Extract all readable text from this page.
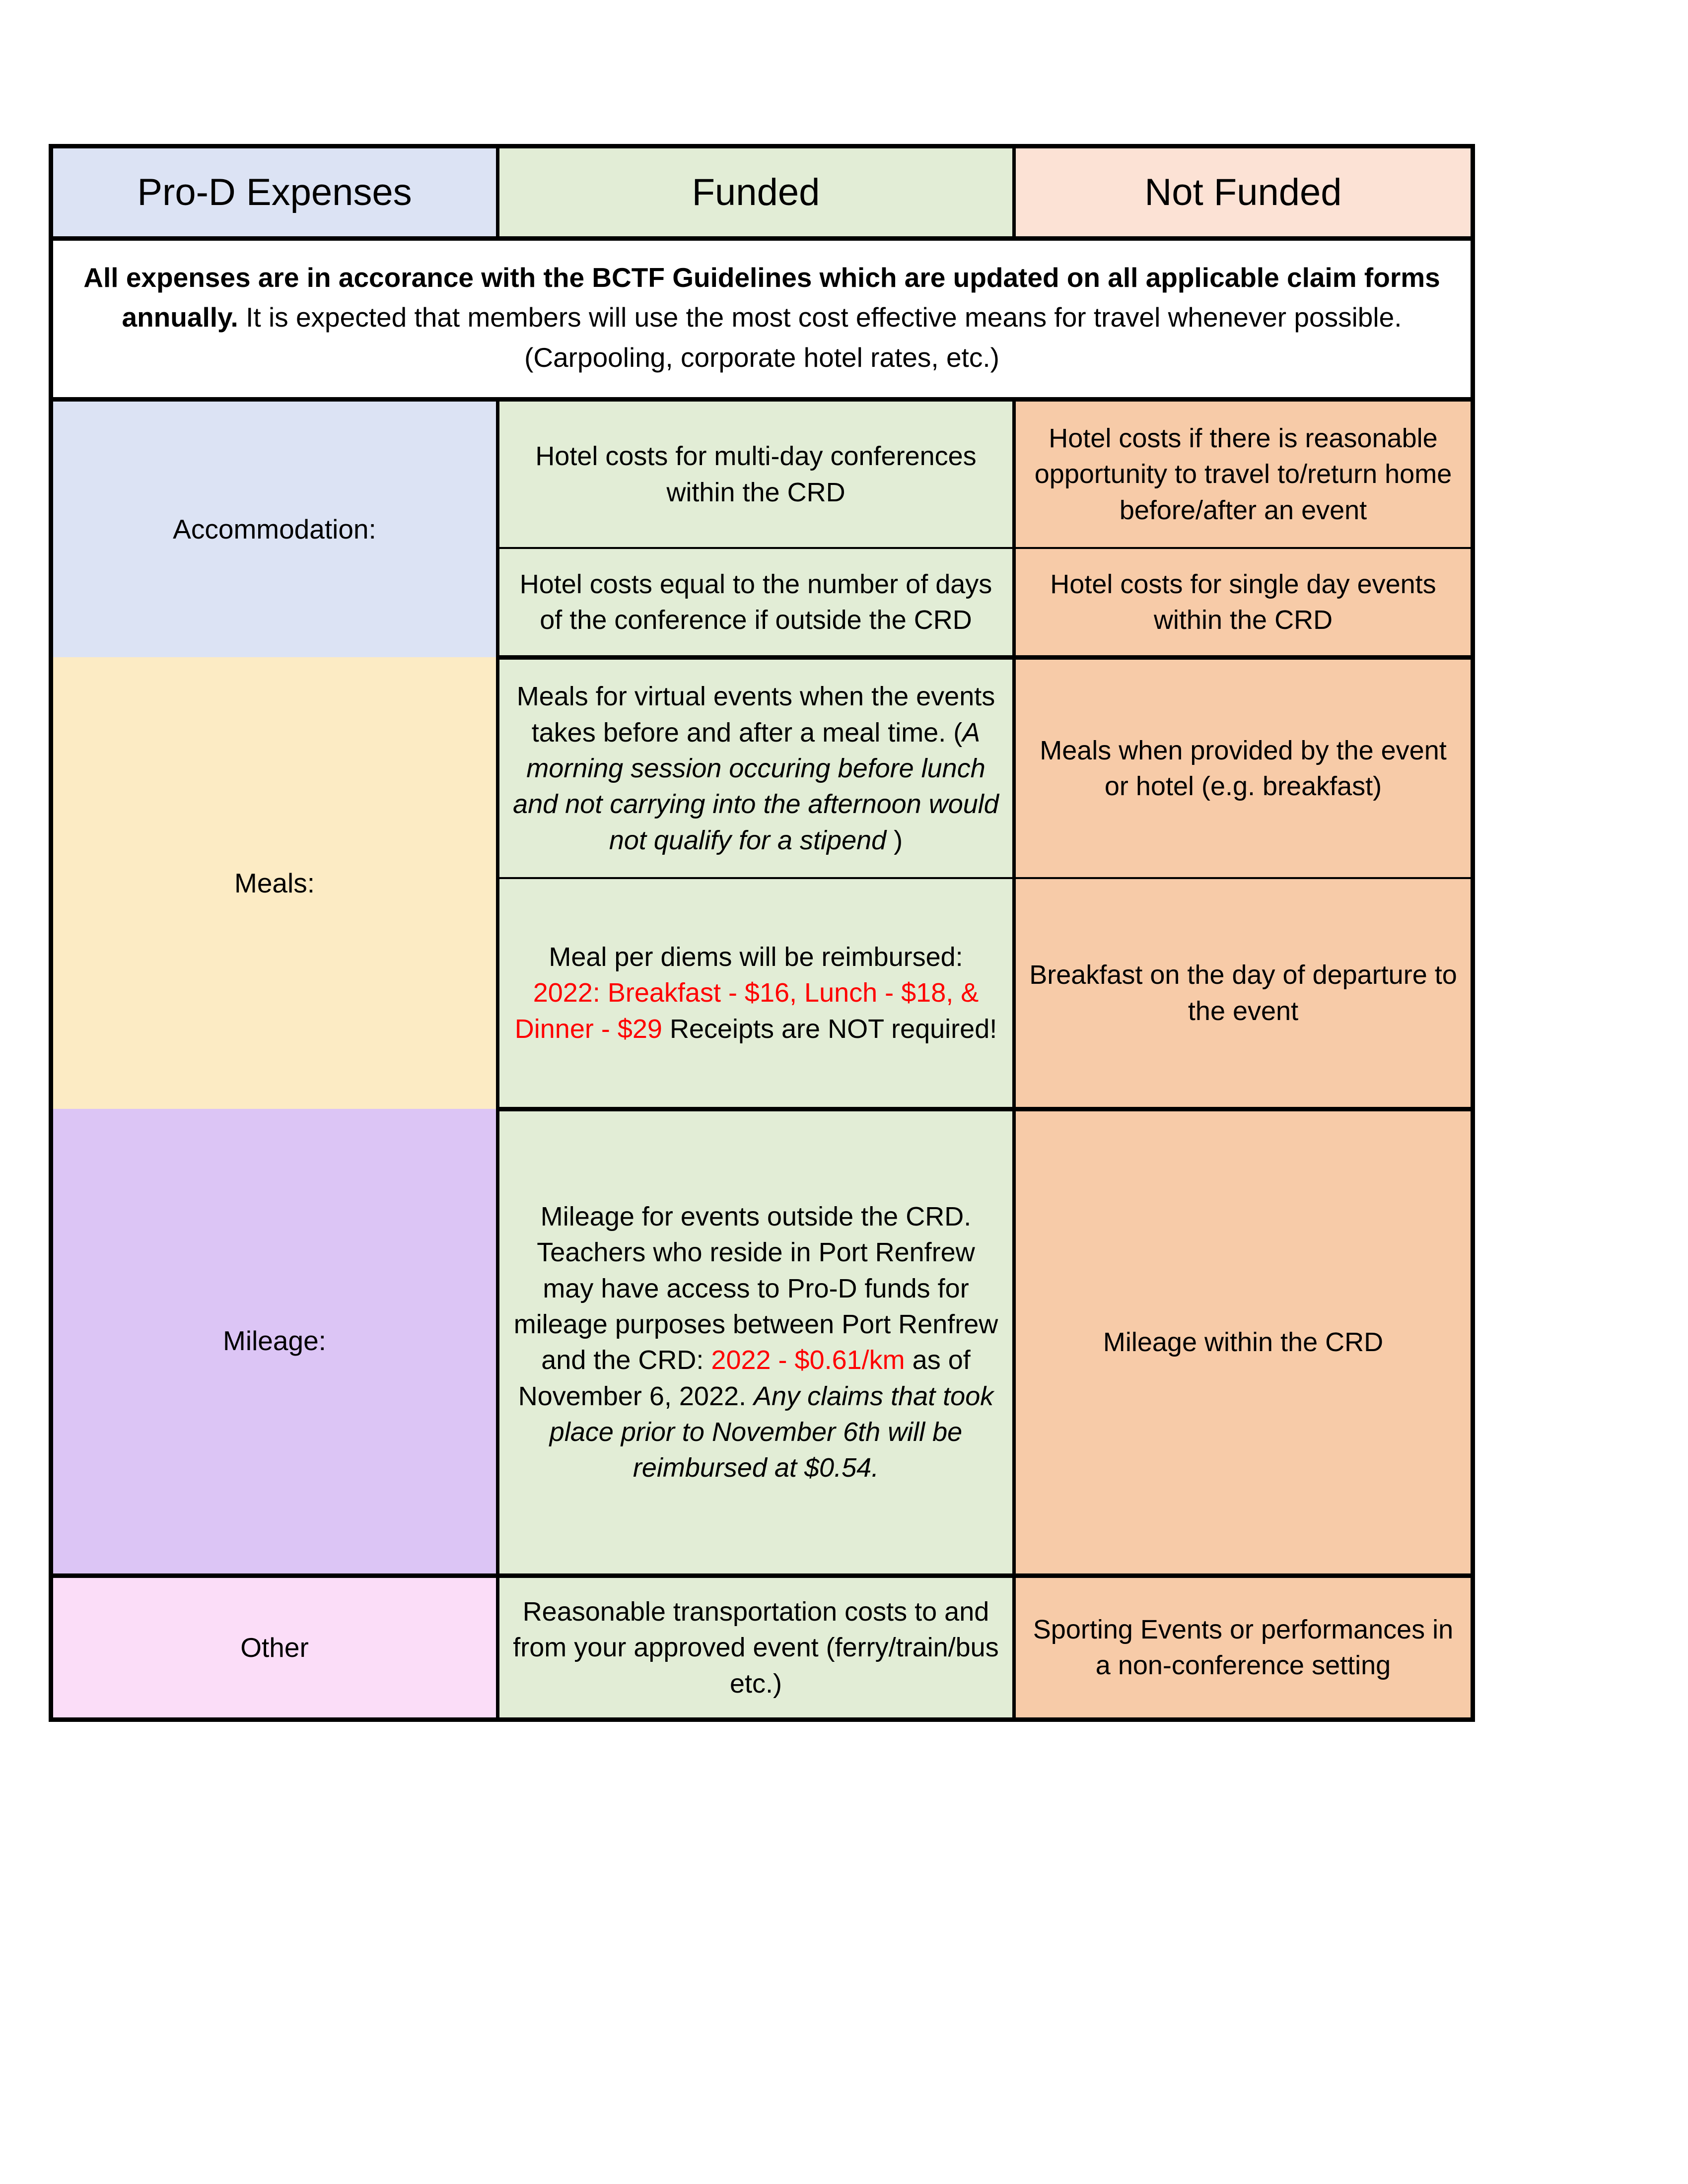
Pro-D Expenses	Funded	Not Funded
All expenses are in accorance with the BCTF Guidelines which are updated on all applicable claim forms annually. It is expected that members will use the most cost effective means for travel whenever possible. (Carpooling, corporate hotel rates, etc.)		
Accommodation:	Hotel costs for multi-day conferences within the CRD	Hotel costs if there is reasonable opportunity to travel to/return home before/after an event
	Hotel costs equal to the number of days of the conference if outside the CRD	Hotel costs for single day events within the CRD
Meals:	Meals for virtual events when the events takes before and after a meal time. (A morning session occuring before lunch and not carrying into the afternoon would not qualify for a stipend )	Meals when provided by the event or hotel (e.g. breakfast)
	Meal per diems will be reimbursed: 2022: Breakfast - $16, Lunch - $18, & Dinner - $29 Receipts are NOT required!	Breakfast on the day of departure to the event
Mileage:	Mileage for events outside the CRD. Teachers who reside in Port Renfrew may have access to Pro-D funds for mileage purposes between Port Renfrew and the CRD: 2022 - $0.61/km as of November 6, 2022. Any claims that took place prior to November 6th will be reimbursed at $0.54.	Mileage within the CRD
Other	Reasonable transportation costs to and from your approved event (ferry/train/bus etc.)	Sporting Events or performances in a non-conference setting
